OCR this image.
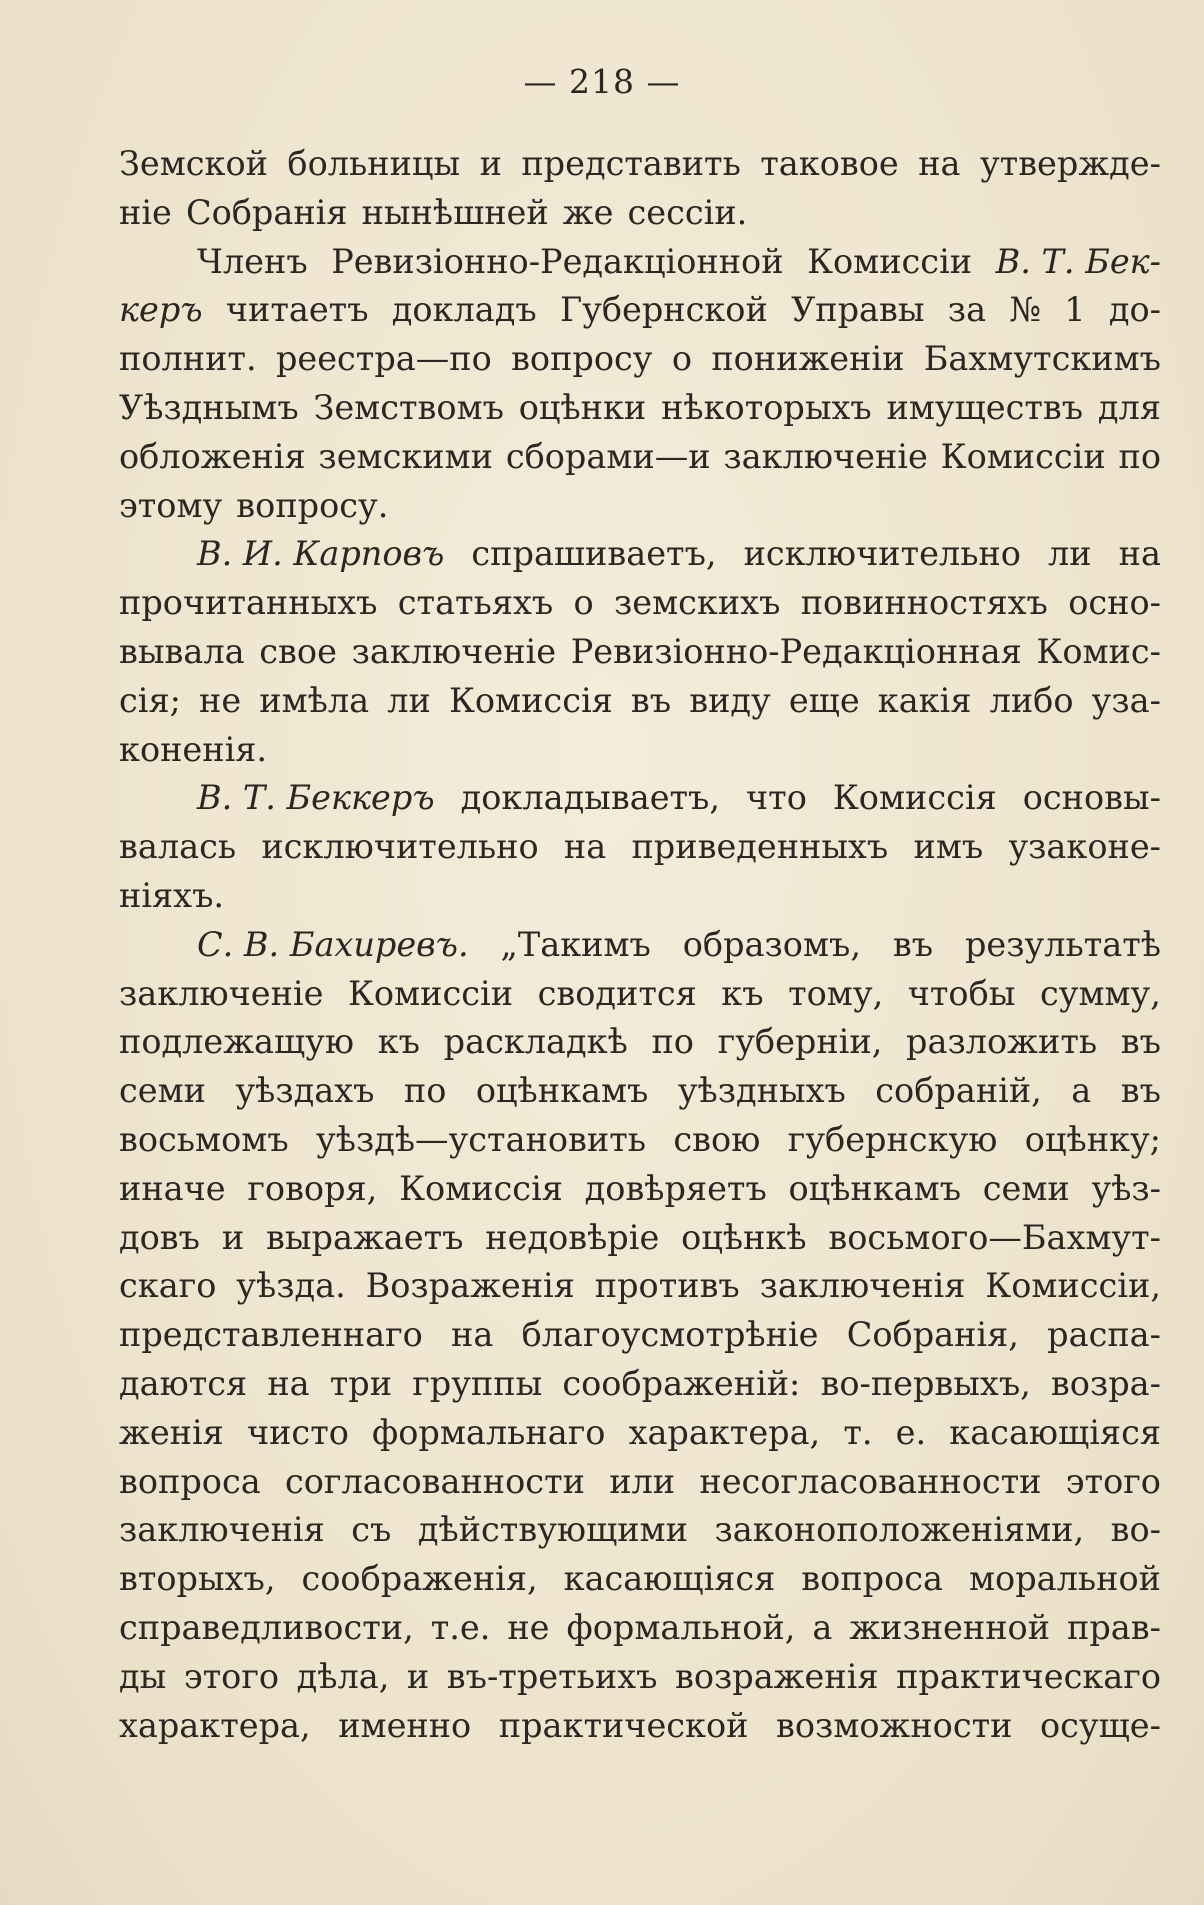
— 218 —
Земской больницы и представить таковое на утвержде-
ніе Собранія нынѣшней же сессіи.
Членъ Ревизіонно-Редакціонной Комиссіи В. Т. Бек-
керъ читаетъ докладъ Губернской Управы за № 1 до-
полнит. реестра—по вопросу о пониженіи Бахмутскимъ
Уѣзднымъ Земствомъ оцѣнки нѣкоторыхъ имуществъ для
обложенія земскими сборами—и заключеніе Комиссіи по
этому вопросу.
В. И. Карповъ спрашиваетъ, исключительно ли на
прочитанныхъ статьяхъ о земскихъ повинностяхъ осно-
вывала свое заключеніе Ревизіонно-Редакціонная Комис-
сія; не имѣла ли Комиссія въ виду еще какія либо уза-
коненія.
В. Т. Беккеръ докладываетъ, что Комиссія основы-
валась исключительно на приведенныхъ имъ узаконе-
ніяхъ.
С. В. Бахиревъ. „Такимъ образомъ, въ результатѣ
заключеніе Комиссіи сводится къ тому, чтобы сумму,
подлежащую къ раскладкѣ по губерніи, разложить въ
семи уѣздахъ по оцѣнкамъ уѣздныхъ собраній, а въ
восьмомъ уѣздѣ—установить свою губернскую оцѣнку;
иначе говоря, Комиссія довѣряетъ оцѣнкамъ семи уѣз-
довъ и выражаетъ недовѣріе оцѣнкѣ восьмого—Бахмут-
скаго уѣзда. Возраженія противъ заключенія Комиссіи,
представленнаго на благоусмотрѣніе Собранія, распа-
даются на три группы соображеній: во-первыхъ, возра-
женія чисто формальнаго характера, т. е. касающіяся
вопроса согласованности или несогласованности этого
заключенія съ дѣйствующими законоположеніями, во-
вторыхъ, соображенія, касающіяся вопроса моральной
справедливости, т.е. не формальной, а жизненной прав-
ды этого дѣла, и въ-третьихъ возраженія практическаго
характера, именно практической возможности осуще-
